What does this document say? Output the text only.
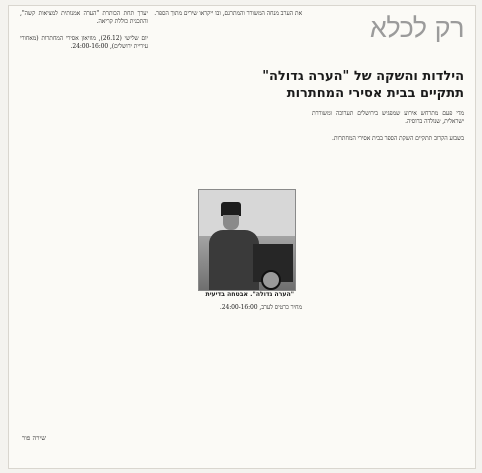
רק לכלא
הילדות והשקה של "הערה גדולה"
תתקיים בבית אסירי המחתרות

מדי פעם מתרחש אירוע שמפגיש בירושלים תערוכה ומשוררת ישראלית, שנולדה ברוסיה.

בשבוע הקרוב תתקיים השקת הספר בבית אסירי המחתרות.

את הערב מנחה המשורר והמתרגם, ובו ייקראו שירים מתוך הספר.

מחיר כרטיס לערב, 24:00-16:00.

יערך תחת הכותרת "הערה אמנותית למציאות קשה", והתכנית כוללת קריאה.

יום שלישי (26.12), מוזיאון אסירי המחתרות (מאחורי עיריית ירושלים), 24:00-16:00.

"הערה גדולה". אבטחה בדיעית
שירה פור
